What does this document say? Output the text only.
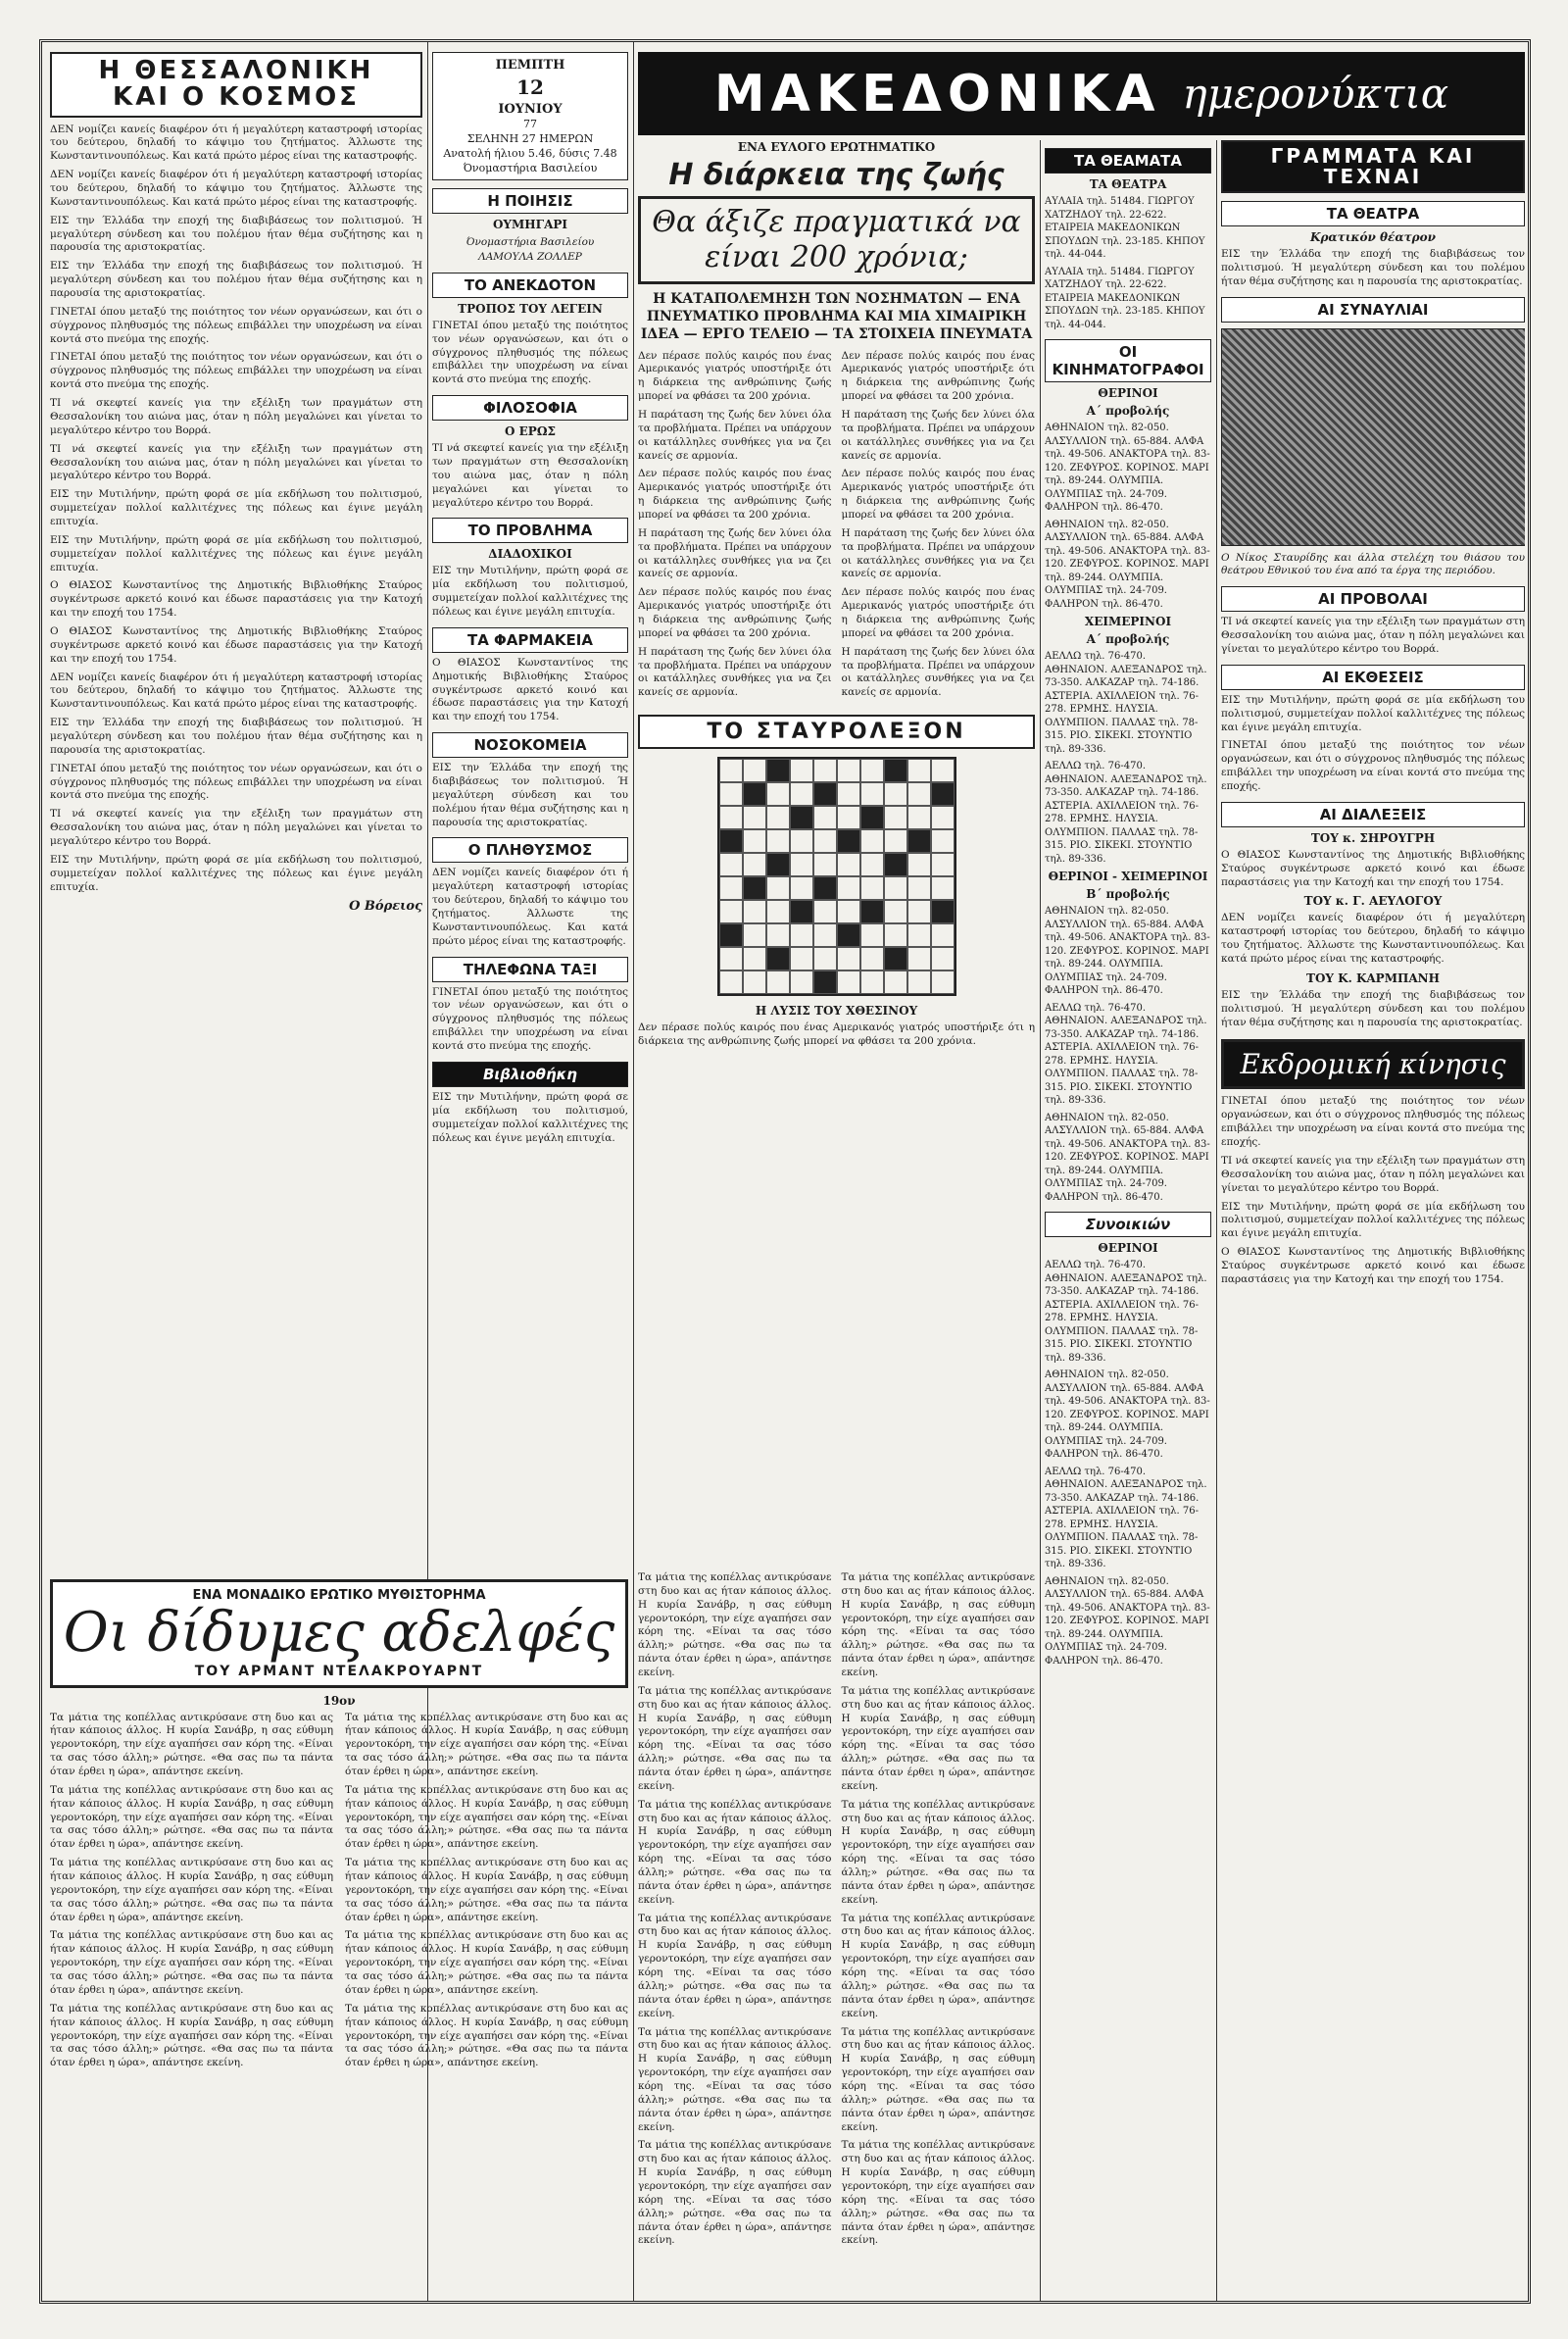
ΜΑΚΕΔΟΝΙΚΑ ημερονύκτια
Η ΘΕΣΣΑΛΟΝΙΚΗ
ΚΑΙ Ο ΚΟΣΜΟΣ

ΔΕΝ νομίζει κανείς διαφέρον ότι ή μεγαλύτερη καταστροφή ιστορίας του δεύτερου, δηλαδή το κάψιμο του ζητήματος. Άλλωστε της Κωνσταντινουπόλεως. Και κατά πρώτο μέρος είναι της καταστροφής.

ΔΕΝ νομίζει κανείς διαφέρον ότι ή μεγαλύτερη καταστροφή ιστορίας του δεύτερου, δηλαδή το κάψιμο του ζητήματος. Άλλωστε της Κωνσταντινουπόλεως. Και κατά πρώτο μέρος είναι της καταστροφής.

ΕΙΣ την Έλλάδα την εποχή της διαβιβάσεως τον πολιτισμού. Ή μεγαλύτερη σύνδεση και του πολέμου ήταν θέμα συζήτησης και η παρουσία της αριστοκρατίας.

ΕΙΣ την Έλλάδα την εποχή της διαβιβάσεως τον πολιτισμού. Ή μεγαλύτερη σύνδεση και του πολέμου ήταν θέμα συζήτησης και η παρουσία της αριστοκρατίας.

ΓΙΝΕΤΑΙ όπου μεταξύ της ποιότητος τον νέων οργανώσεων, και ότι ο σύγχρονος πληθυσμός της πόλεως επιβάλλει την υποχρέωση να είναι κοντά στο πνεύμα της εποχής.

ΓΙΝΕΤΑΙ όπου μεταξύ της ποιότητος τον νέων οργανώσεων, και ότι ο σύγχρονος πληθυσμός της πόλεως επιβάλλει την υποχρέωση να είναι κοντά στο πνεύμα της εποχής.

ΤΙ νά σκεφτεί κανείς για την εξέλιξη των πραγμάτων στη Θεσσαλονίκη του αιώνα μας, όταν η πόλη μεγαλώνει και γίνεται το μεγαλύτερο κέντρο του Βορρά.

ΤΙ νά σκεφτεί κανείς για την εξέλιξη των πραγμάτων στη Θεσσαλονίκη του αιώνα μας, όταν η πόλη μεγαλώνει και γίνεται το μεγαλύτερο κέντρο του Βορρά.

ΕΙΣ την Μυτιλήνην, πρώτη φορά σε μία εκδήλωση του πολιτισμού, συμμετείχαν πολλοί καλλιτέχνες της πόλεως και έγινε μεγάλη επιτυχία.

ΕΙΣ την Μυτιλήνην, πρώτη φορά σε μία εκδήλωση του πολιτισμού, συμμετείχαν πολλοί καλλιτέχνες της πόλεως και έγινε μεγάλη επιτυχία.

Ο ΘΙΑΣΟΣ Κωνσταντίνος της Δημοτικής Βιβλιοθήκης Σταύρος συγκέντρωσε αρκετό κοινό και έδωσε παραστάσεις για την Κατοχή και την εποχή του 1754.

Ο ΘΙΑΣΟΣ Κωνσταντίνος της Δημοτικής Βιβλιοθήκης Σταύρος συγκέντρωσε αρκετό κοινό και έδωσε παραστάσεις για την Κατοχή και την εποχή του 1754.

ΔΕΝ νομίζει κανείς διαφέρον ότι ή μεγαλύτερη καταστροφή ιστορίας του δεύτερου, δηλαδή το κάψιμο του ζητήματος. Άλλωστε της Κωνσταντινουπόλεως. Και κατά πρώτο μέρος είναι της καταστροφής.

ΕΙΣ την Έλλάδα την εποχή της διαβιβάσεως τον πολιτισμού. Ή μεγαλύτερη σύνδεση και του πολέμου ήταν θέμα συζήτησης και η παρουσία της αριστοκρατίας.

ΓΙΝΕΤΑΙ όπου μεταξύ της ποιότητος τον νέων οργανώσεων, και ότι ο σύγχρονος πληθυσμός της πόλεως επιβάλλει την υποχρέωση να είναι κοντά στο πνεύμα της εποχής.

ΤΙ νά σκεφτεί κανείς για την εξέλιξη των πραγμάτων στη Θεσσαλονίκη του αιώνα μας, όταν η πόλη μεγαλώνει και γίνεται το μεγαλύτερο κέντρο του Βορρά.

ΕΙΣ την Μυτιλήνην, πρώτη φορά σε μία εκδήλωση του πολιτισμού, συμμετείχαν πολλοί καλλιτέχνες της πόλεως και έγινε μεγάλη επιτυχία.

Ο Βόρειος
ΠΕΜΠΤΗ
12
ΙΟΥΝΙΟΥ
77
ΣΕΛΗΝΗ 27 ΗΜΕΡΩΝ
Ανατολή ήλιου 5.46, δύσις 7.48
Όνομαστήρια Βασιλείου
Η ΠΟΙΗΣΙΣ
ΟΥΜΗΓΑΡΙ
Όνομαστήρια Βασιλείου
ΛΑΜΟΥΛΑ ΖΟΛΛΕΡ
ΤΟ ΑΝΕΚΔΟΤΟΝ
ΤΡΟΠΟΣ ΤΟΥ ΛΕΓΕΙΝ

ΓΙΝΕΤΑΙ όπου μεταξύ της ποιότητος τον νέων οργανώσεων, και ότι ο σύγχρονος πληθυσμός της πόλεως επιβάλλει την υποχρέωση να είναι κοντά στο πνεύμα της εποχής.

ΦΙΛΟΣΟΦΙΑ
Ο ΕΡΩΣ

ΤΙ νά σκεφτεί κανείς για την εξέλιξη των πραγμάτων στη Θεσσαλονίκη του αιώνα μας, όταν η πόλη μεγαλώνει και γίνεται το μεγαλύτερο κέντρο του Βορρά.

ΤΟ ΠΡΟΒΛΗΜΑ
ΔΙΑΔΟΧΙΚΟΙ

ΕΙΣ την Μυτιλήνην, πρώτη φορά σε μία εκδήλωση του πολιτισμού, συμμετείχαν πολλοί καλλιτέχνες της πόλεως και έγινε μεγάλη επιτυχία.

ΤΑ ΦΑΡΜΑΚΕΙΑ

Ο ΘΙΑΣΟΣ Κωνσταντίνος της Δημοτικής Βιβλιοθήκης Σταύρος συγκέντρωσε αρκετό κοινό και έδωσε παραστάσεις για την Κατοχή και την εποχή του 1754.

ΝΟΣΟΚΟΜΕΙΑ

ΕΙΣ την Έλλάδα την εποχή της διαβιβάσεως τον πολιτισμού. Ή μεγαλύτερη σύνδεση και του πολέμου ήταν θέμα συζήτησης και η παρουσία της αριστοκρατίας.

Ο ΠΛΗΘΥΣΜΟΣ

ΔΕΝ νομίζει κανείς διαφέρον ότι ή μεγαλύτερη καταστροφή ιστορίας του δεύτερου, δηλαδή το κάψιμο του ζητήματος. Άλλωστε της Κωνσταντινουπόλεως. Και κατά πρώτο μέρος είναι της καταστροφής.

ΤΗΛΕΦΩΝΑ ΤΑΞΙ

ΓΙΝΕΤΑΙ όπου μεταξύ της ποιότητος τον νέων οργανώσεων, και ότι ο σύγχρονος πληθυσμός της πόλεως επιβάλλει την υποχρέωση να είναι κοντά στο πνεύμα της εποχής.

Βιβλιοθήκη

ΕΙΣ την Μυτιλήνην, πρώτη φορά σε μία εκδήλωση του πολιτισμού, συμμετείχαν πολλοί καλλιτέχνες της πόλεως και έγινε μεγάλη επιτυχία.

ΕΝΑ ΕΥΛΟΓΟ ΕΡΩΤΗΜΑΤΙΚΟ
Η διάρκεια της ζωής
Θα άξιζε πραγματικά να είναι 200 χρόνια;
Η ΚΑΤΑΠΟΛΕΜΗΣΗ ΤΩΝ ΝΟΣΗΜΑΤΩΝ — ΕΝΑ ΠΝΕΥΜΑΤΙΚΟ ΠΡΟΒΛΗΜΑ ΚΑΙ ΜΙΑ ΧΙΜΑΙΡΙΚΗ ΙΔΕΑ — ΕΡΓΟ ΤΕΛΕΙΟ — ΤΑ ΣΤΟΙΧΕΙΑ ΠΝΕΥΜΑΤΑ

Δεν πέρασε πολύς καιρός που ένας Αμερικανός γιατρός υποστήριξε ότι η διάρκεια της ανθρώπινης ζωής μπορεί να φθάσει τα 200 χρόνια.

Η παράταση της ζωής δεν λύνει όλα τα προβλήματα. Πρέπει να υπάρχουν οι κατάλληλες συνθήκες για να ζει κανείς σε αρμονία.

Δεν πέρασε πολύς καιρός που ένας Αμερικανός γιατρός υποστήριξε ότι η διάρκεια της ανθρώπινης ζωής μπορεί να φθάσει τα 200 χρόνια.

Η παράταση της ζωής δεν λύνει όλα τα προβλήματα. Πρέπει να υπάρχουν οι κατάλληλες συνθήκες για να ζει κανείς σε αρμονία.

Δεν πέρασε πολύς καιρός που ένας Αμερικανός γιατρός υποστήριξε ότι η διάρκεια της ανθρώπινης ζωής μπορεί να φθάσει τα 200 χρόνια.

Η παράταση της ζωής δεν λύνει όλα τα προβλήματα. Πρέπει να υπάρχουν οι κατάλληλες συνθήκες για να ζει κανείς σε αρμονία.

Δεν πέρασε πολύς καιρός που ένας Αμερικανός γιατρός υποστήριξε ότι η διάρκεια της ανθρώπινης ζωής μπορεί να φθάσει τα 200 χρόνια.

Η παράταση της ζωής δεν λύνει όλα τα προβλήματα. Πρέπει να υπάρχουν οι κατάλληλες συνθήκες για να ζει κανείς σε αρμονία.

Δεν πέρασε πολύς καιρός που ένας Αμερικανός γιατρός υποστήριξε ότι η διάρκεια της ανθρώπινης ζωής μπορεί να φθάσει τα 200 χρόνια.

Η παράταση της ζωής δεν λύνει όλα τα προβλήματα. Πρέπει να υπάρχουν οι κατάλληλες συνθήκες για να ζει κανείς σε αρμονία.

Δεν πέρασε πολύς καιρός που ένας Αμερικανός γιατρός υποστήριξε ότι η διάρκεια της ανθρώπινης ζωής μπορεί να φθάσει τα 200 χρόνια.

Η παράταση της ζωής δεν λύνει όλα τα προβλήματα. Πρέπει να υπάρχουν οι κατάλληλες συνθήκες για να ζει κανείς σε αρμονία.

ΤΟ ΣΤΑΥΡΟΛΕΞΟΝ
Η ΛΥΣΙΣ ΤΟΥ ΧΘΕΣΙΝΟΥ

Δεν πέρασε πολύς καιρός που ένας Αμερικανός γιατρός υποστήριξε ότι η διάρκεια της ανθρώπινης ζωής μπορεί να φθάσει τα 200 χρόνια.

ΤΑ ΘΕΑΜΑΤΑ
ΤΑ ΘΕΑΤΡΑ

ΑΥΛΑΙΑ τηλ. 51484. ΓΙΩΡΓΟΥ ΧΑΤΖΗΔΟΥ τηλ. 22-622. ΕΤΑΙΡΕΙΑ ΜΑΚΕΔΟΝΙΚΩΝ ΣΠΟΥΔΩΝ τηλ. 23-185. ΚΗΠΟΥ τηλ. 44-044.

ΑΥΛΑΙΑ τηλ. 51484. ΓΙΩΡΓΟΥ ΧΑΤΖΗΔΟΥ τηλ. 22-622. ΕΤΑΙΡΕΙΑ ΜΑΚΕΔΟΝΙΚΩΝ ΣΠΟΥΔΩΝ τηλ. 23-185. ΚΗΠΟΥ τηλ. 44-044.

ΟΙ ΚΙΝΗΜΑΤΟΓΡΑΦΟΙ
ΘΕΡΙΝΟΙ
Α΄ προβολής

ΑΘΗΝΑΙΟΝ τηλ. 82-050. ΑΛΣΥΛΛΙΟΝ τηλ. 65-884. ΑΛΦΑ τηλ. 49-506. ΑΝΑΚΤΟΡΑ τηλ. 83-120. ΖΕΦΥΡΟΣ. ΚΟΡΙΝΟΣ. ΜΑΡΙ τηλ. 89-244. ΟΛΥΜΠΙΑ. ΟΛΥΜΠΙΑΣ τηλ. 24-709. ΦΑΛΗΡΟΝ τηλ. 86-470.

ΑΘΗΝΑΙΟΝ τηλ. 82-050. ΑΛΣΥΛΛΙΟΝ τηλ. 65-884. ΑΛΦΑ τηλ. 49-506. ΑΝΑΚΤΟΡΑ τηλ. 83-120. ΖΕΦΥΡΟΣ. ΚΟΡΙΝΟΣ. ΜΑΡΙ τηλ. 89-244. ΟΛΥΜΠΙΑ. ΟΛΥΜΠΙΑΣ τηλ. 24-709. ΦΑΛΗΡΟΝ τηλ. 86-470.

ΧΕΙΜΕΡΙΝΟΙ
Α΄ προβολής

ΑΕΛΛΩ τηλ. 76-470. ΑΘΗΝΑΙΟΝ. ΑΛΕΞΑΝΔΡΟΣ τηλ. 73-350. ΑΛΚΑΖΑΡ τηλ. 74-186. ΑΣΤΕΡΙΑ. ΑΧΙΛΛΕΙΟΝ τηλ. 76-278. ΕΡΜΗΣ. ΗΛΥΣΙΑ. ΟΛΥΜΠΙΟΝ. ΠΑΛΛΑΣ τηλ. 78-315. ΡΙΟ. ΣΙΚΕΚΙ. ΣΤΟΥΝΤΙΟ τηλ. 89-336.

ΑΕΛΛΩ τηλ. 76-470. ΑΘΗΝΑΙΟΝ. ΑΛΕΞΑΝΔΡΟΣ τηλ. 73-350. ΑΛΚΑΖΑΡ τηλ. 74-186. ΑΣΤΕΡΙΑ. ΑΧΙΛΛΕΙΟΝ τηλ. 76-278. ΕΡΜΗΣ. ΗΛΥΣΙΑ. ΟΛΥΜΠΙΟΝ. ΠΑΛΛΑΣ τηλ. 78-315. ΡΙΟ. ΣΙΚΕΚΙ. ΣΤΟΥΝΤΙΟ τηλ. 89-336.

ΘΕΡΙΝΟΙ - ΧΕΙΜΕΡΙΝΟΙ
Β΄ προβολής

ΑΘΗΝΑΙΟΝ τηλ. 82-050. ΑΛΣΥΛΛΙΟΝ τηλ. 65-884. ΑΛΦΑ τηλ. 49-506. ΑΝΑΚΤΟΡΑ τηλ. 83-120. ΖΕΦΥΡΟΣ. ΚΟΡΙΝΟΣ. ΜΑΡΙ τηλ. 89-244. ΟΛΥΜΠΙΑ. ΟΛΥΜΠΙΑΣ τηλ. 24-709. ΦΑΛΗΡΟΝ τηλ. 86-470.

ΑΕΛΛΩ τηλ. 76-470. ΑΘΗΝΑΙΟΝ. ΑΛΕΞΑΝΔΡΟΣ τηλ. 73-350. ΑΛΚΑΖΑΡ τηλ. 74-186. ΑΣΤΕΡΙΑ. ΑΧΙΛΛΕΙΟΝ τηλ. 76-278. ΕΡΜΗΣ. ΗΛΥΣΙΑ. ΟΛΥΜΠΙΟΝ. ΠΑΛΛΑΣ τηλ. 78-315. ΡΙΟ. ΣΙΚΕΚΙ. ΣΤΟΥΝΤΙΟ τηλ. 89-336.

ΑΘΗΝΑΙΟΝ τηλ. 82-050. ΑΛΣΥΛΛΙΟΝ τηλ. 65-884. ΑΛΦΑ τηλ. 49-506. ΑΝΑΚΤΟΡΑ τηλ. 83-120. ΖΕΦΥΡΟΣ. ΚΟΡΙΝΟΣ. ΜΑΡΙ τηλ. 89-244. ΟΛΥΜΠΙΑ. ΟΛΥΜΠΙΑΣ τηλ. 24-709. ΦΑΛΗΡΟΝ τηλ. 86-470.

Συνοικιών
ΘΕΡΙΝΟΙ

ΑΕΛΛΩ τηλ. 76-470. ΑΘΗΝΑΙΟΝ. ΑΛΕΞΑΝΔΡΟΣ τηλ. 73-350. ΑΛΚΑΖΑΡ τηλ. 74-186. ΑΣΤΕΡΙΑ. ΑΧΙΛΛΕΙΟΝ τηλ. 76-278. ΕΡΜΗΣ. ΗΛΥΣΙΑ. ΟΛΥΜΠΙΟΝ. ΠΑΛΛΑΣ τηλ. 78-315. ΡΙΟ. ΣΙΚΕΚΙ. ΣΤΟΥΝΤΙΟ τηλ. 89-336.

ΑΘΗΝΑΙΟΝ τηλ. 82-050. ΑΛΣΥΛΛΙΟΝ τηλ. 65-884. ΑΛΦΑ τηλ. 49-506. ΑΝΑΚΤΟΡΑ τηλ. 83-120. ΖΕΦΥΡΟΣ. ΚΟΡΙΝΟΣ. ΜΑΡΙ τηλ. 89-244. ΟΛΥΜΠΙΑ. ΟΛΥΜΠΙΑΣ τηλ. 24-709. ΦΑΛΗΡΟΝ τηλ. 86-470.

ΑΕΛΛΩ τηλ. 76-470. ΑΘΗΝΑΙΟΝ. ΑΛΕΞΑΝΔΡΟΣ τηλ. 73-350. ΑΛΚΑΖΑΡ τηλ. 74-186. ΑΣΤΕΡΙΑ. ΑΧΙΛΛΕΙΟΝ τηλ. 76-278. ΕΡΜΗΣ. ΗΛΥΣΙΑ. ΟΛΥΜΠΙΟΝ. ΠΑΛΛΑΣ τηλ. 78-315. ΡΙΟ. ΣΙΚΕΚΙ. ΣΤΟΥΝΤΙΟ τηλ. 89-336.

ΑΘΗΝΑΙΟΝ τηλ. 82-050. ΑΛΣΥΛΛΙΟΝ τηλ. 65-884. ΑΛΦΑ τηλ. 49-506. ΑΝΑΚΤΟΡΑ τηλ. 83-120. ΖΕΦΥΡΟΣ. ΚΟΡΙΝΟΣ. ΜΑΡΙ τηλ. 89-244. ΟΛΥΜΠΙΑ. ΟΛΥΜΠΙΑΣ τηλ. 24-709. ΦΑΛΗΡΟΝ τηλ. 86-470.

ΓΡΑΜΜΑΤΑ ΚΑΙ ΤΕΧΝΑΙ
ΤΑ ΘΕΑΤΡΑ
Κρατικόν θέατρον

ΕΙΣ την Έλλάδα την εποχή της διαβιβάσεως τον πολιτισμού. Ή μεγαλύτερη σύνδεση και του πολέμου ήταν θέμα συζήτησης και η παρουσία της αριστοκρατίας.

ΑΙ ΣΥΝΑΥΛΙΑΙ

Ο Νίκος Σταυρίδης και άλλα στελέχη του θιάσου του θεάτρου Εθνικού του ένα από τα έργα της περιόδου.

ΑΙ ΠΡΟΒΟΛΑΙ

ΤΙ νά σκεφτεί κανείς για την εξέλιξη των πραγμάτων στη Θεσσαλονίκη του αιώνα μας, όταν η πόλη μεγαλώνει και γίνεται το μεγαλύτερο κέντρο του Βορρά.

ΑΙ ΕΚΘΕΣΕΙΣ

ΕΙΣ την Μυτιλήνην, πρώτη φορά σε μία εκδήλωση του πολιτισμού, συμμετείχαν πολλοί καλλιτέχνες της πόλεως και έγινε μεγάλη επιτυχία.

ΓΙΝΕΤΑΙ όπου μεταξύ της ποιότητος τον νέων οργανώσεων, και ότι ο σύγχρονος πληθυσμός της πόλεως επιβάλλει την υποχρέωση να είναι κοντά στο πνεύμα της εποχής.

ΑΙ ΔΙΑΛΕΞΕΙΣ
ΤΟΥ κ. ΣΗΡΟΥΓΡΗ

Ο ΘΙΑΣΟΣ Κωνσταντίνος της Δημοτικής Βιβλιοθήκης Σταύρος συγκέντρωσε αρκετό κοινό και έδωσε παραστάσεις για την Κατοχή και την εποχή του 1754.

ΤΟΥ κ. Γ. ΑΕΥΛΟΓΟΥ

ΔΕΝ νομίζει κανείς διαφέρον ότι ή μεγαλύτερη καταστροφή ιστορίας του δεύτερου, δηλαδή το κάψιμο του ζητήματος. Άλλωστε της Κωνσταντινουπόλεως. Και κατά πρώτο μέρος είναι της καταστροφής.

ΤΟΥ Κ. ΚΑΡΜΠΑΝΗ

ΕΙΣ την Έλλάδα την εποχή της διαβιβάσεως τον πολιτισμού. Ή μεγαλύτερη σύνδεση και του πολέμου ήταν θέμα συζήτησης και η παρουσία της αριστοκρατίας.

Εκδρομική κίνησις

ΓΙΝΕΤΑΙ όπου μεταξύ της ποιότητος τον νέων οργανώσεων, και ότι ο σύγχρονος πληθυσμός της πόλεως επιβάλλει την υποχρέωση να είναι κοντά στο πνεύμα της εποχής.

ΤΙ νά σκεφτεί κανείς για την εξέλιξη των πραγμάτων στη Θεσσαλονίκη του αιώνα μας, όταν η πόλη μεγαλώνει και γίνεται το μεγαλύτερο κέντρο του Βορρά.

ΕΙΣ την Μυτιλήνην, πρώτη φορά σε μία εκδήλωση του πολιτισμού, συμμετείχαν πολλοί καλλιτέχνες της πόλεως και έγινε μεγάλη επιτυχία.

Ο ΘΙΑΣΟΣ Κωνσταντίνος της Δημοτικής Βιβλιοθήκης Σταύρος συγκέντρωσε αρκετό κοινό και έδωσε παραστάσεις για την Κατοχή και την εποχή του 1754.

ΕΝΑ ΜΟΝΑΔΙΚΟ ΕΡΩΤΙΚΟ ΜΥΘΙΣΤΟΡΗΜΑ
Οι δίδυμες αδελφές
ΤΟΥ ΑΡΜΑΝΤ ΝΤΕΛΑΚΡΟΥΑΡΝΤ
19ον

Τα μάτια της κοπέλλας αντικρύσανε στη δυο και ας ήταν κάποιος άλλος. Η κυρία Σανάβρ, η σας εύθυμη γεροντοκόρη, την είχε αγαπήσει σαν κόρη της. «Είναι τα σας τόσο άλλη;» ρώτησε. «Θα σας πω τα πάντα όταν έρθει η ώρα», απάντησε εκείνη.

Τα μάτια της κοπέλλας αντικρύσανε στη δυο και ας ήταν κάποιος άλλος. Η κυρία Σανάβρ, η σας εύθυμη γεροντοκόρη, την είχε αγαπήσει σαν κόρη της. «Είναι τα σας τόσο άλλη;» ρώτησε. «Θα σας πω τα πάντα όταν έρθει η ώρα», απάντησε εκείνη.

Τα μάτια της κοπέλλας αντικρύσανε στη δυο και ας ήταν κάποιος άλλος. Η κυρία Σανάβρ, η σας εύθυμη γεροντοκόρη, την είχε αγαπήσει σαν κόρη της. «Είναι τα σας τόσο άλλη;» ρώτησε. «Θα σας πω τα πάντα όταν έρθει η ώρα», απάντησε εκείνη.

Τα μάτια της κοπέλλας αντικρύσανε στη δυο και ας ήταν κάποιος άλλος. Η κυρία Σανάβρ, η σας εύθυμη γεροντοκόρη, την είχε αγαπήσει σαν κόρη της. «Είναι τα σας τόσο άλλη;» ρώτησε. «Θα σας πω τα πάντα όταν έρθει η ώρα», απάντησε εκείνη.

Τα μάτια της κοπέλλας αντικρύσανε στη δυο και ας ήταν κάποιος άλλος. Η κυρία Σανάβρ, η σας εύθυμη γεροντοκόρη, την είχε αγαπήσει σαν κόρη της. «Είναι τα σας τόσο άλλη;» ρώτησε. «Θα σας πω τα πάντα όταν έρθει η ώρα», απάντησε εκείνη.

Τα μάτια της κοπέλλας αντικρύσανε στη δυο και ας ήταν κάποιος άλλος. Η κυρία Σανάβρ, η σας εύθυμη γεροντοκόρη, την είχε αγαπήσει σαν κόρη της. «Είναι τα σας τόσο άλλη;» ρώτησε. «Θα σας πω τα πάντα όταν έρθει η ώρα», απάντησε εκείνη.

Τα μάτια της κοπέλλας αντικρύσανε στη δυο και ας ήταν κάποιος άλλος. Η κυρία Σανάβρ, η σας εύθυμη γεροντοκόρη, την είχε αγαπήσει σαν κόρη της. «Είναι τα σας τόσο άλλη;» ρώτησε. «Θα σας πω τα πάντα όταν έρθει η ώρα», απάντησε εκείνη.

Τα μάτια της κοπέλλας αντικρύσανε στη δυο και ας ήταν κάποιος άλλος. Η κυρία Σανάβρ, η σας εύθυμη γεροντοκόρη, την είχε αγαπήσει σαν κόρη της. «Είναι τα σας τόσο άλλη;» ρώτησε. «Θα σας πω τα πάντα όταν έρθει η ώρα», απάντησε εκείνη.

Τα μάτια της κοπέλλας αντικρύσανε στη δυο και ας ήταν κάποιος άλλος. Η κυρία Σανάβρ, η σας εύθυμη γεροντοκόρη, την είχε αγαπήσει σαν κόρη της. «Είναι τα σας τόσο άλλη;» ρώτησε. «Θα σας πω τα πάντα όταν έρθει η ώρα», απάντησε εκείνη.

Τα μάτια της κοπέλλας αντικρύσανε στη δυο και ας ήταν κάποιος άλλος. Η κυρία Σανάβρ, η σας εύθυμη γεροντοκόρη, την είχε αγαπήσει σαν κόρη της. «Είναι τα σας τόσο άλλη;» ρώτησε. «Θα σας πω τα πάντα όταν έρθει η ώρα», απάντησε εκείνη.

Τα μάτια της κοπέλλας αντικρύσανε στη δυο και ας ήταν κάποιος άλλος. Η κυρία Σανάβρ, η σας εύθυμη γεροντοκόρη, την είχε αγαπήσει σαν κόρη της. «Είναι τα σας τόσο άλλη;» ρώτησε. «Θα σας πω τα πάντα όταν έρθει η ώρα», απάντησε εκείνη.

Τα μάτια της κοπέλλας αντικρύσανε στη δυο και ας ήταν κάποιος άλλος. Η κυρία Σανάβρ, η σας εύθυμη γεροντοκόρη, την είχε αγαπήσει σαν κόρη της. «Είναι τα σας τόσο άλλη;» ρώτησε. «Θα σας πω τα πάντα όταν έρθει η ώρα», απάντησε εκείνη.

Τα μάτια της κοπέλλας αντικρύσανε στη δυο και ας ήταν κάποιος άλλος. Η κυρία Σανάβρ, η σας εύθυμη γεροντοκόρη, την είχε αγαπήσει σαν κόρη της. «Είναι τα σας τόσο άλλη;» ρώτησε. «Θα σας πω τα πάντα όταν έρθει η ώρα», απάντησε εκείνη.

Τα μάτια της κοπέλλας αντικρύσανε στη δυο και ας ήταν κάποιος άλλος. Η κυρία Σανάβρ, η σας εύθυμη γεροντοκόρη, την είχε αγαπήσει σαν κόρη της. «Είναι τα σας τόσο άλλη;» ρώτησε. «Θα σας πω τα πάντα όταν έρθει η ώρα», απάντησε εκείνη.

Τα μάτια της κοπέλλας αντικρύσανε στη δυο και ας ήταν κάποιος άλλος. Η κυρία Σανάβρ, η σας εύθυμη γεροντοκόρη, την είχε αγαπήσει σαν κόρη της. «Είναι τα σας τόσο άλλη;» ρώτησε. «Θα σας πω τα πάντα όταν έρθει η ώρα», απάντησε εκείνη.

Τα μάτια της κοπέλλας αντικρύσανε στη δυο και ας ήταν κάποιος άλλος. Η κυρία Σανάβρ, η σας εύθυμη γεροντοκόρη, την είχε αγαπήσει σαν κόρη της. «Είναι τα σας τόσο άλλη;» ρώτησε. «Θα σας πω τα πάντα όταν έρθει η ώρα», απάντησε εκείνη.

Τα μάτια της κοπέλλας αντικρύσανε στη δυο και ας ήταν κάποιος άλλος. Η κυρία Σανάβρ, η σας εύθυμη γεροντοκόρη, την είχε αγαπήσει σαν κόρη της. «Είναι τα σας τόσο άλλη;» ρώτησε. «Θα σας πω τα πάντα όταν έρθει η ώρα», απάντησε εκείνη.

Τα μάτια της κοπέλλας αντικρύσανε στη δυο και ας ήταν κάποιος άλλος. Η κυρία Σανάβρ, η σας εύθυμη γεροντοκόρη, την είχε αγαπήσει σαν κόρη της. «Είναι τα σας τόσο άλλη;» ρώτησε. «Θα σας πω τα πάντα όταν έρθει η ώρα», απάντησε εκείνη.

Τα μάτια της κοπέλλας αντικρύσανε στη δυο και ας ήταν κάποιος άλλος. Η κυρία Σανάβρ, η σας εύθυμη γεροντοκόρη, την είχε αγαπήσει σαν κόρη της. «Είναι τα σας τόσο άλλη;» ρώτησε. «Θα σας πω τα πάντα όταν έρθει η ώρα», απάντησε εκείνη.

Τα μάτια της κοπέλλας αντικρύσανε στη δυο και ας ήταν κάποιος άλλος. Η κυρία Σανάβρ, η σας εύθυμη γεροντοκόρη, την είχε αγαπήσει σαν κόρη της. «Είναι τα σας τόσο άλλη;» ρώτησε. «Θα σας πω τα πάντα όταν έρθει η ώρα», απάντησε εκείνη.

Τα μάτια της κοπέλλας αντικρύσανε στη δυο και ας ήταν κάποιος άλλος. Η κυρία Σανάβρ, η σας εύθυμη γεροντοκόρη, την είχε αγαπήσει σαν κόρη της. «Είναι τα σας τόσο άλλη;» ρώτησε. «Θα σας πω τα πάντα όταν έρθει η ώρα», απάντησε εκείνη.

Τα μάτια της κοπέλλας αντικρύσανε στη δυο και ας ήταν κάποιος άλλος. Η κυρία Σανάβρ, η σας εύθυμη γεροντοκόρη, την είχε αγαπήσει σαν κόρη της. «Είναι τα σας τόσο άλλη;» ρώτησε. «Θα σας πω τα πάντα όταν έρθει η ώρα», απάντησε εκείνη.
